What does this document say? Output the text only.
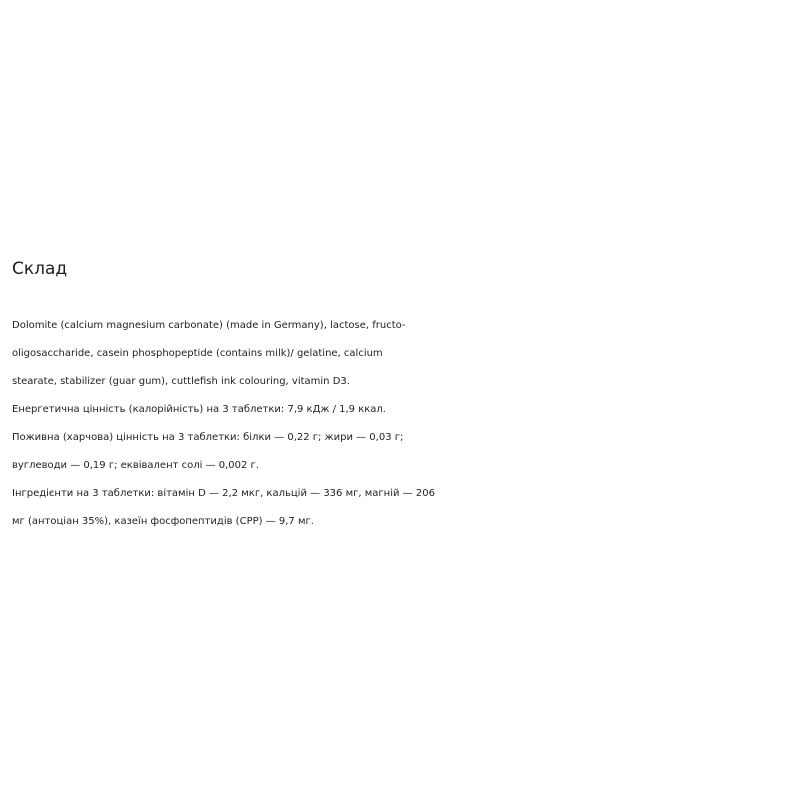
Склад
Dolomite (calcium magnesium carbonate) (made in Germany), lactose, fructo-
oligosaccharide, casein phosphopeptide (contains milk)/ gelatine, calcium
stearate, stabilizer (guar gum), cuttlefish ink colouring, vitamin D3.
Енергетична цінність (калорійність) на 3 таблетки: 7,9 кДж / 1,9 ккал.
Поживна (харчова) цінність на 3 таблетки: білки — 0,22 г; жири — 0,03 г;
вуглеводи — 0,19 г; еквівалент солі — 0,002 г.
Інгредієнти на 3 таблетки: вітамін D — 2,2 мкг, кальцій — 336 мг, магній — 206
мг (антоціан 35%), казеїн фосфопептидів (CPP) — 9,7 мг.
